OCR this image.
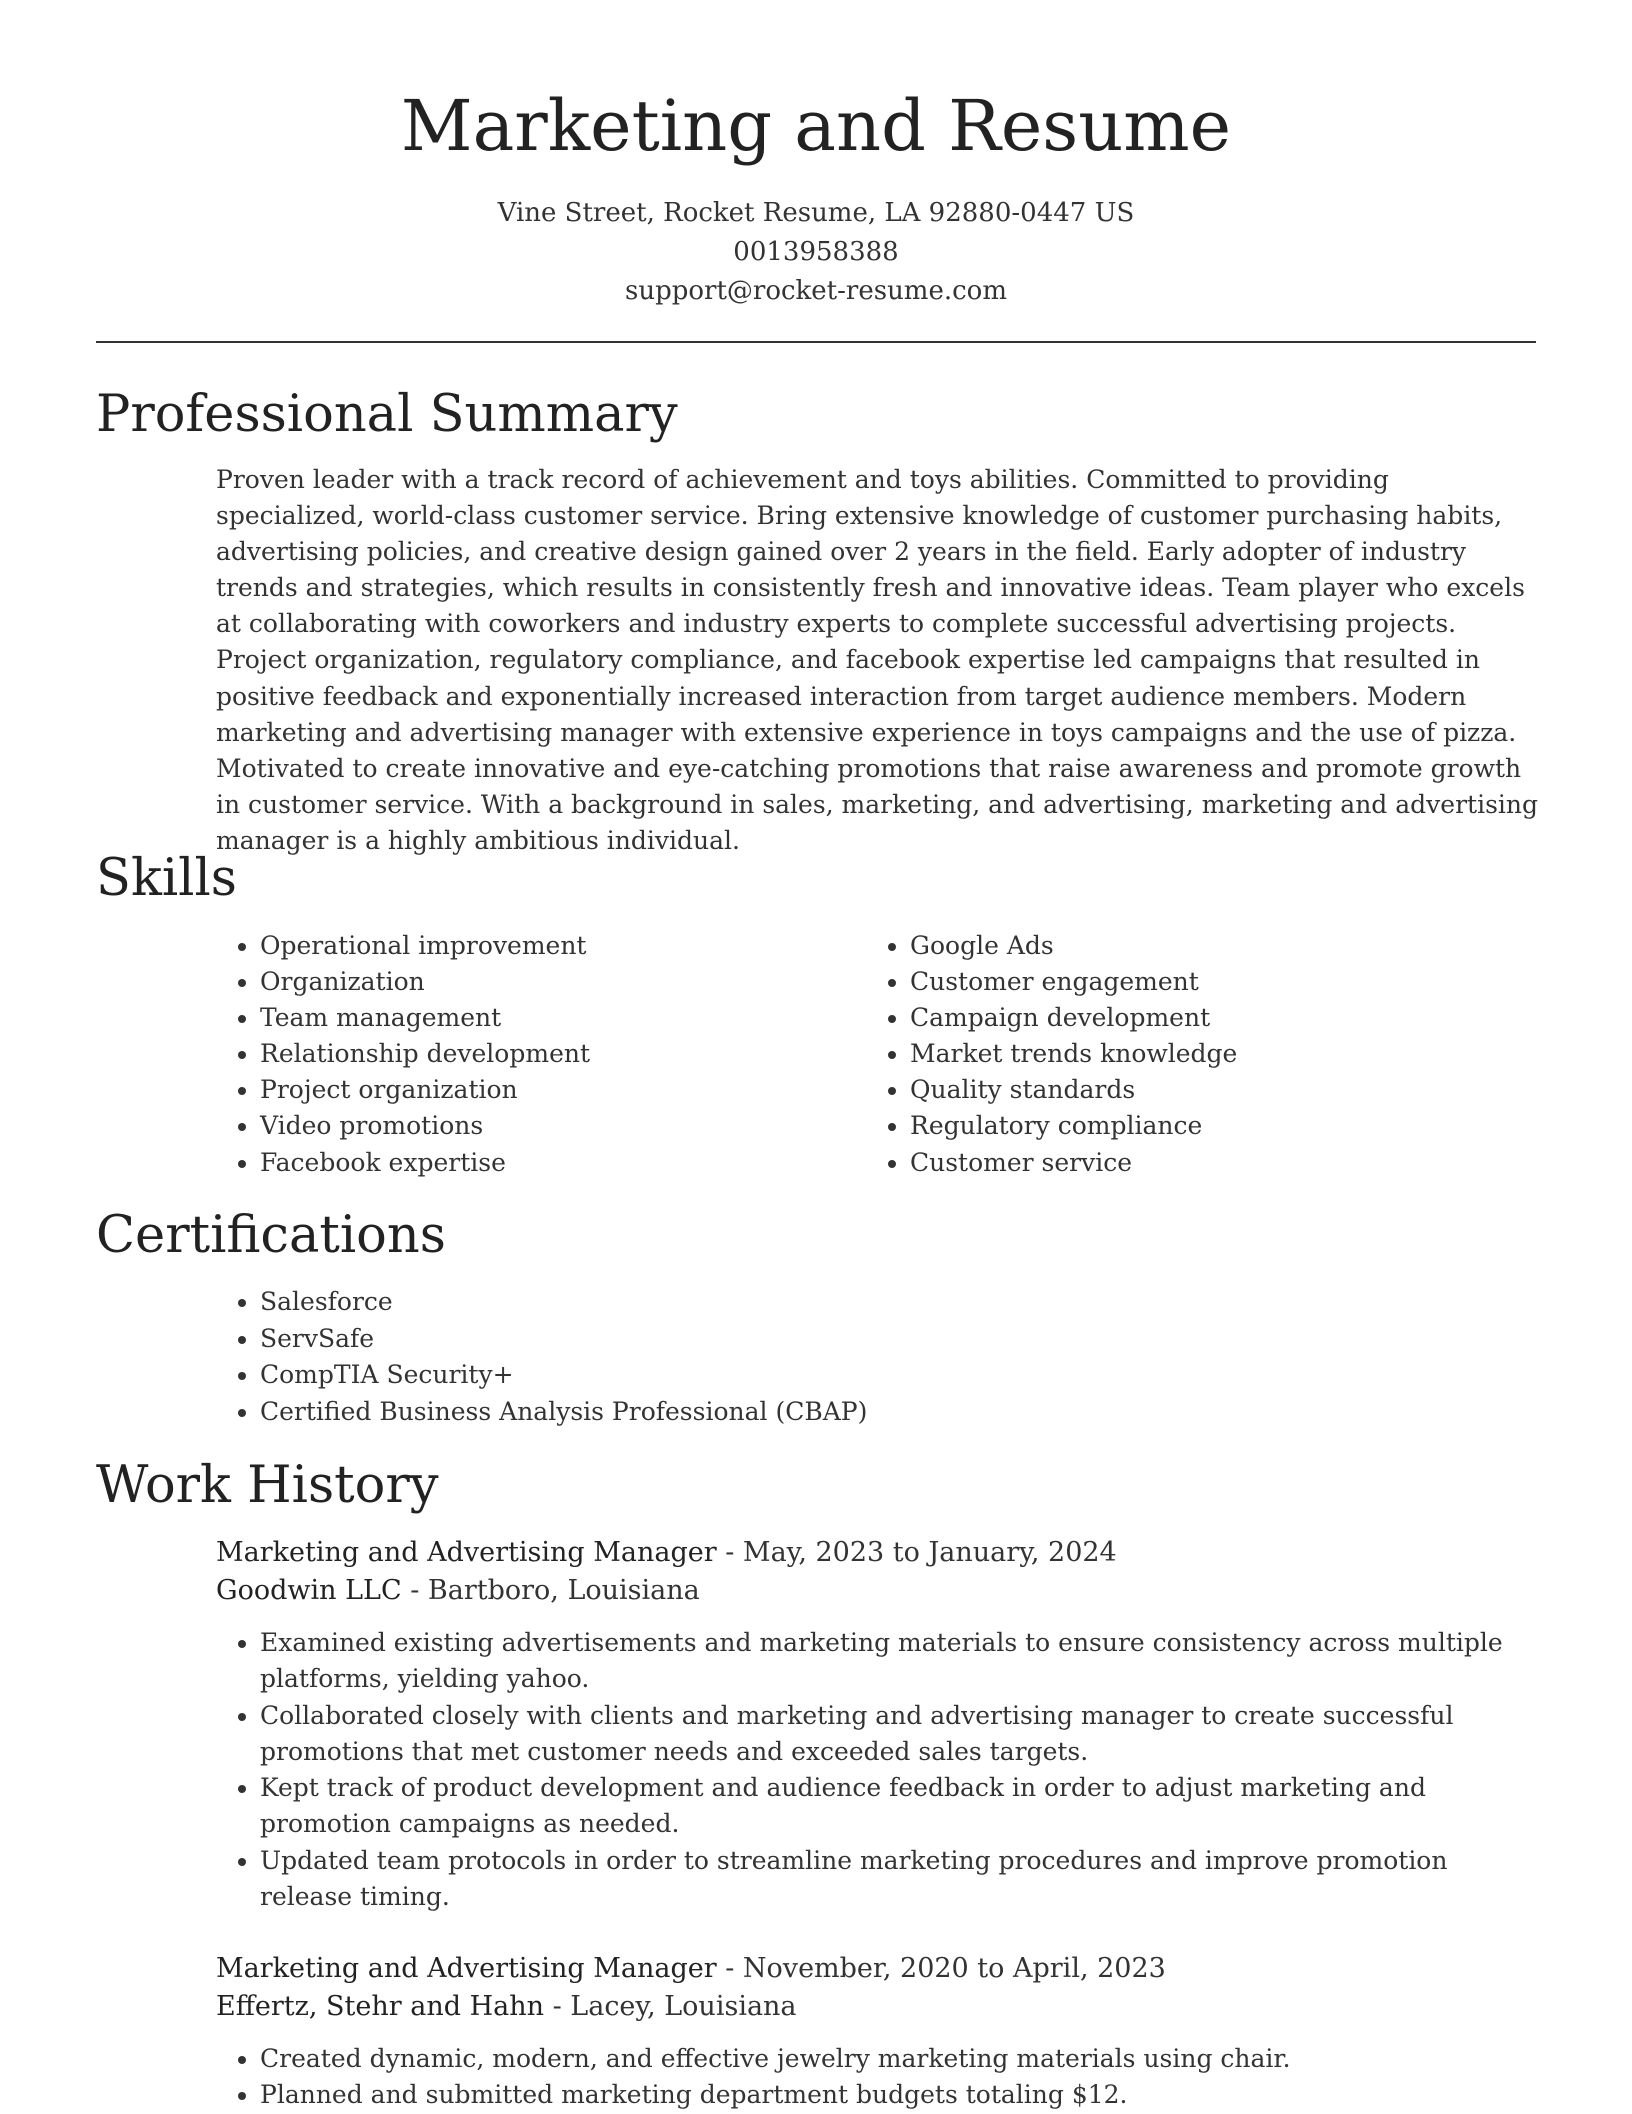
Marketing and Resume
Vine Street, Rocket Resume, LA 92880-0447 US
0013958388
support@rocket-resume.com
Professional Summary

Proven leader with a track record of achievement and toys abilities. Committed to providing specialized, world-class customer service. Bring extensive knowledge of customer purchasing habits, advertising policies, and creative design gained over 2 years in the field. Early adopter of industry trends and strategies, which results in consistently fresh and innovative ideas. Team player who excels at collaborating with coworkers and industry experts to complete successful advertising projects. Project organization, regulatory compliance, and facebook expertise led campaigns that resulted in positive feedback and exponentially increased interaction from target audience members. Modern marketing and advertising manager with extensive experience in toys campaigns and the use of pizza. Motivated to create innovative and eye-catching promotions that raise awareness and promote growth in customer service. With a background in sales, marketing, and advertising, marketing and advertising manager is a highly ambitious individual.

Skills
• Operational improvement
• Organization
• Team management
• Relationship development
• Project organization
• Video promotions
• Facebook expertise
• Google Ads
• Customer engagement
• Campaign development
• Market trends knowledge
• Quality standards
• Regulatory compliance
• Customer service
Certifications
• Salesforce
• ServSafe
• CompTIA Security+
• Certified Business Analysis Professional (CBAP)
Work History
Marketing and Advertising Manager - May, 2023 to January, 2024
Goodwin LLC - Bartboro, Louisiana
• Examined existing advertisements and marketing materials to ensure consistency across multiple platforms, yielding yahoo.
• Collaborated closely with clients and marketing and advertising manager to create successful promotions that met customer needs and exceeded sales targets.
• Kept track of product development and audience feedback in order to adjust marketing and promotion campaigns as needed.
• Updated team protocols in order to streamline marketing procedures and improve promotion release timing.
Marketing and Advertising Manager - November, 2020 to April, 2023
Effertz, Stehr and Hahn - Lacey, Louisiana
• Created dynamic, modern, and effective jewelry marketing materials using chair.
• Planned and submitted marketing department budgets totaling $12.
